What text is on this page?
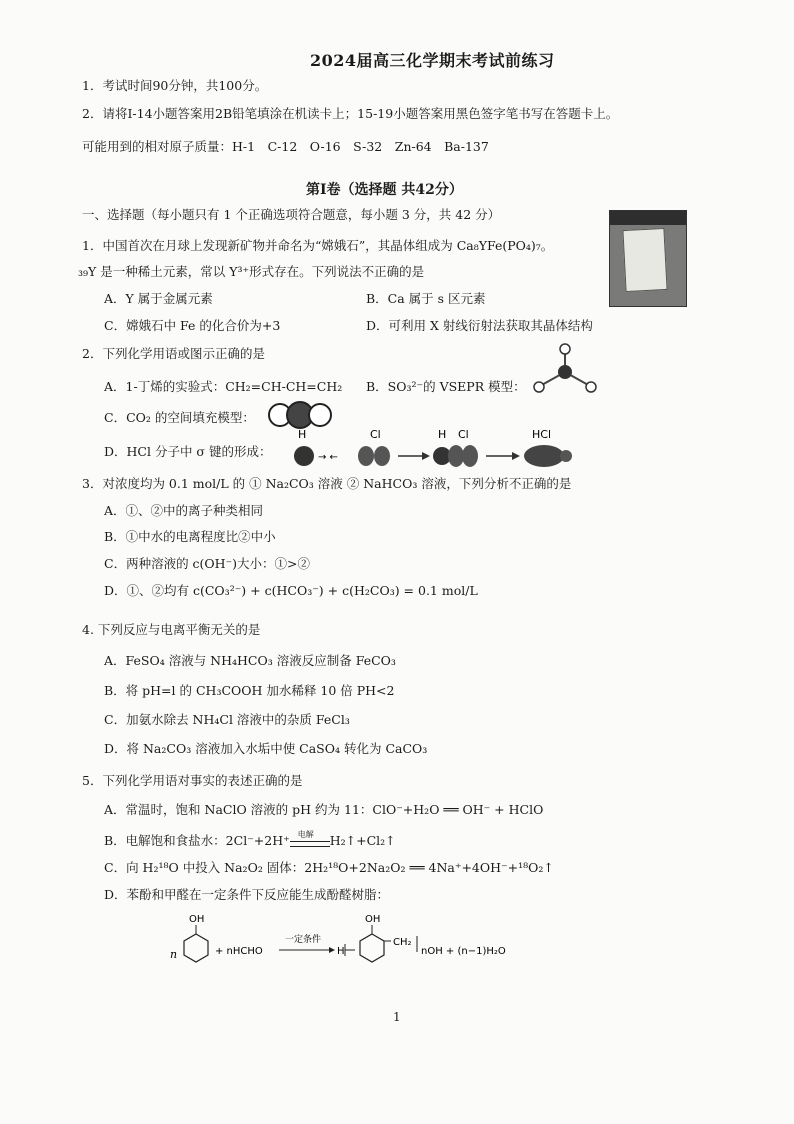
2024届高三化学期末考试前练习
1．考试时间90分钟，共100分。
2．请将I-14小题答案用2B铅笔填涂在机读卡上；15-19小题答案用黑色签字笔书写在答题卡上。
可能用到的相对原子质量：H-1　C-12　O-16　S-32　Zn-64　Ba-137
第Ⅰ卷（选择题 共42分）
一、选择题（每小题只有 1 个正确选项符合题意，每小题 3 分，共 42 分）
1．中国首次在月球上发现新矿物并命名为“嫦娥石”，其晶体组成为 Ca₈YFe(PO₄)₇。
₃₉Y 是一种稀土元素，常以 Y³⁺形式存在。下列说法不正确的是
A．Y 属于金属元素	B．Ca 属于 s 区元素
C．嫦娥石中 Fe 的化合价为+3	D．可利用 X 射线衍射法获取其晶体结构
2．下列化学用语或图示正确的是
A．1-丁烯的实验式：CH₂=CH-CH=CH₂ B．SO₃²⁻的 VSEPR 模型：
C．CO₂ 的空间填充模型：
D．HCl 分子中 σ 键的形成：
H	Cl	H Cl	HCl
→ ←
3．对浓度均为 0.1 mol/L 的 ① Na₂CO₃ 溶液 ② NaHCO₃ 溶液，下列分析不正确的是
A．①、②中的离子种类相同
B．①中水的电离程度比②中小
C．两种溶液的 c(OH⁻)大小：①>②
D．①、②均有 c(CO₃²⁻) + c(HCO₃⁻) + c(H₂CO₃) = 0.1 mol/L
4. 下列反应与电离平衡无关的是
A．FeSO₄ 溶液与 NH₄HCO₃ 溶液反应制备 FeCO₃
B．将 pH=l 的 CH₃COOH 加水稀释 10 倍 PH<2
C．加氨水除去 NH₄Cl 溶液中的杂质 FeCl₃
D．将 Na₂CO₃ 溶液加入水垢中使 CaSO₄ 转化为 CaCO₃
5．下列化学用语对事实的表述正确的是
A．常温时，饱和 NaClO 溶液的 pH 约为 11：ClO⁻+H₂O ══ OH⁻ + HClO
B．电解饱和食盐水：2Cl⁻+2H⁺ 电解 H₂↑+Cl₂↑
C．向 H₂¹⁸O 中投入 Na₂O₂ 固体：2H₂¹⁸O+2Na₂O₂ ══ 4Na⁺+4OH⁻+¹⁸O₂↑
D．苯酚和甲醛在一定条件下反应能生成酚醛树脂：
n
OH
+ nHCHO
一定条件
H
OH
CH₂
nOH + (n−1)H₂O
1
